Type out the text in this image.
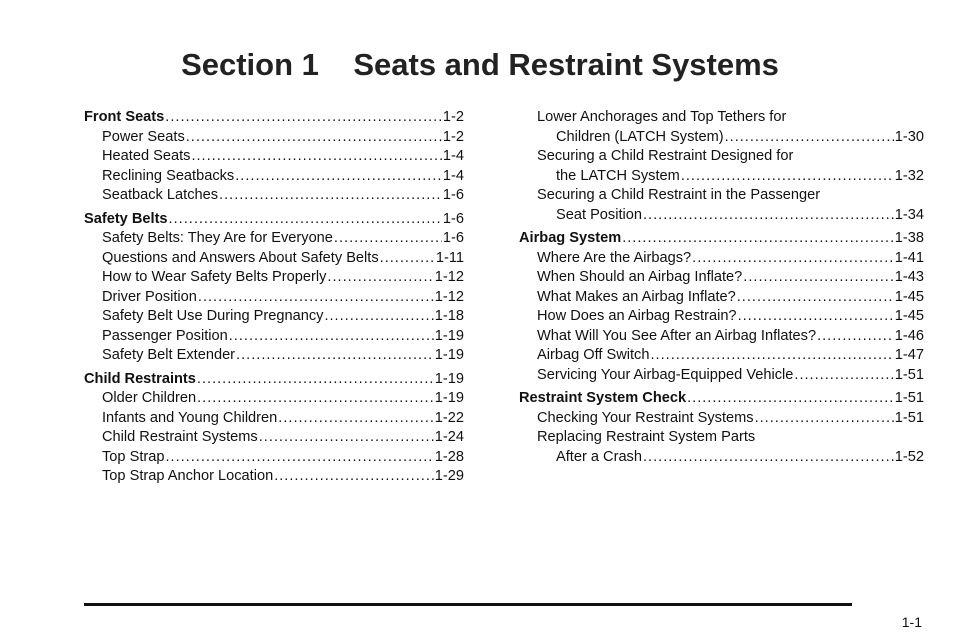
Section 1    Seats and Restraint Systems
Front Seats .....	1-2
Power Seats .....	1-2
Heated Seats .....	1-4
Reclining Seatbacks .....	1-4
Seatback Latches .....	1-6
Safety Belts .....	1-6
Safety Belts: They Are for Everyone .....	1-6
Questions and Answers About Safety Belts .....	1-11
How to Wear Safety Belts Properly .....	1-12
Driver Position .....	1-12
Safety Belt Use During Pregnancy .....	1-18
Passenger Position .....	1-19
Safety Belt Extender .....	1-19
Child Restraints .....	1-19
Older Children .....	1-19
Infants and Young Children .....	1-22
Child Restraint Systems .....	1-24
Top Strap .....	1-28
Top Strap Anchor Location .....	1-29
Lower Anchorages and Top Tethers for
Children (LATCH System) .....	1-30
Securing a Child Restraint Designed for
the LATCH System .....	1-32
Securing a Child Restraint in the Passenger
Seat Position .....	1-34
Airbag System .....	1-38
Where Are the Airbags? .....	1-41
When Should an Airbag Inflate? .....	1-43
What Makes an Airbag Inflate? .....	1-45
How Does an Airbag Restrain? .....	1-45
What Will You See After an Airbag Inflates? .....	1-46
Airbag Off Switch .....	1-47
Servicing Your Airbag-Equipped Vehicle .....	1-51
Restraint System Check .....	1-51
Checking Your Restraint Systems .....	1-51
Replacing Restraint System Parts
After a Crash .....	1-52
1-1
